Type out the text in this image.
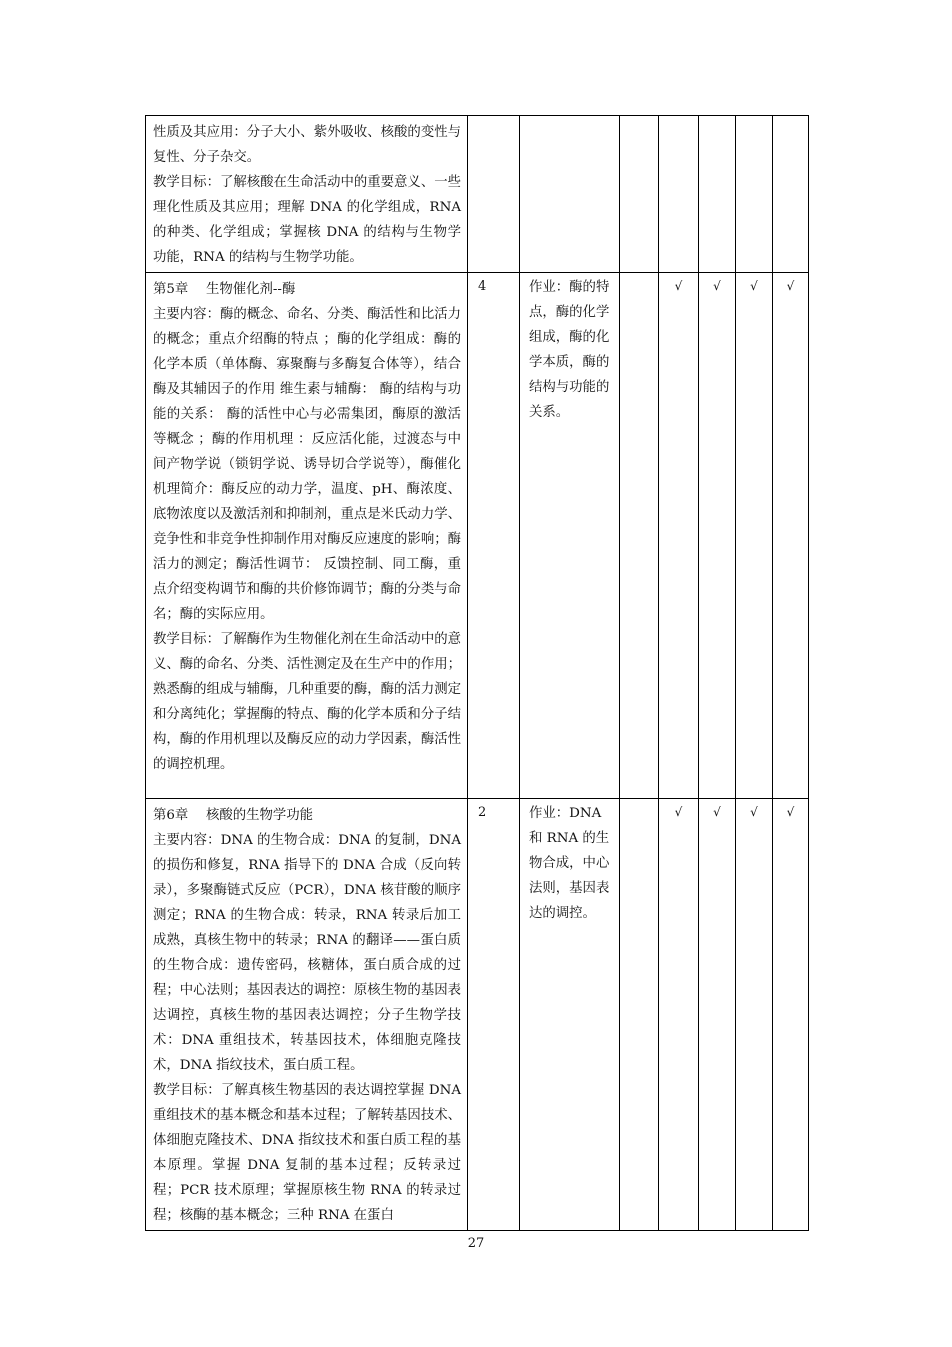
性质及其应用：分子大小、紫外吸收、核酸的变性与复性、分子杂交。

教学目标：了解核酸在生命活动中的重要意义、一些理化性质及其应用；理解 DNA 的化学组成，RNA 的种类、化学组成；掌握核 DNA 的结构与生物学功能，RNA 的结构与生物学功能。							

第5章　 生物催化剂--酶

主要内容：酶的概念、命名、分类、酶活性和比活力的概念；重点介绍酶的特点 ；酶的化学组成：酶的化学本质（单体酶、寡聚酶与多酶复合体等），结合酶及其辅因子的作用 维生素与辅酶： 酶的结构与功能的关系： 酶的活性中心与必需集团，酶原的激活等概念 ；酶的作用机理 ：反应活化能，过渡态与中间产物学说（锁钥学说、诱导切合学说等），酶催化机理简介：酶反应的动力学，温度、pH、酶浓度、底物浓度以及激活剂和抑制剂，重点是米氏动力学、竞争性和非竞争性抑制作用对酶反应速度的影响；酶活力的测定；酶活性调节： 反馈控制、同工酶，重点介绍变构调节和酶的共价修饰调节；酶的分类与命名；酶的实际应用。

教学目标：了解酶作为生物催化剂在生命活动中的意义、酶的命名、分类、活性测定及在生产中的作用；熟悉酶的组成与辅酶，几种重要的酶，酶的活力测定和分离纯化；掌握酶的特点、酶的化学本质和分子结构，酶的作用机理以及酶反应的动力学因素，酶活性的调控机理。	4	作业：酶的特点，酶的化学组成，酶的化学本质，酶的结构与功能的关系。		√	√	√	√

第6章　 核酸的生物学功能

主要内容：DNA 的生物合成：DNA 的复制，DNA 的损伤和修复，RNA 指导下的 DNA 合成（反向转录），多聚酶链式反应（PCR），DNA 核苷酸的顺序测定；RNA 的生物合成：转录，RNA 转录后加工成熟，真核生物中的转录；RNA 的翻译——蛋白质的生物合成：遗传密码，核糖体，蛋白质合成的过程；中心法则；基因表达的调控：原核生物的基因表达调控，真核生物的基因表达调控；分子生物学技术：DNA 重组技术，转基因技术，体细胞克隆技术，DNA 指纹技术，蛋白质工程。

教学目标：了解真核生物基因的表达调控掌握 DNA 重组技术的基本概念和基本过程；了解转基因技术、体细胞克隆技术、DNA 指纹技术和蛋白质工程的基本原理。掌握 DNA 复制的基本过程；反转录过程；PCR 技术原理；掌握原核生物 RNA 的转录过程；核酶的基本概念；三种 RNA 在蛋白	2	作业：DNA 和 RNA 的生物合成，中心法则，基因表达的调控。		√	√	√	√
27
